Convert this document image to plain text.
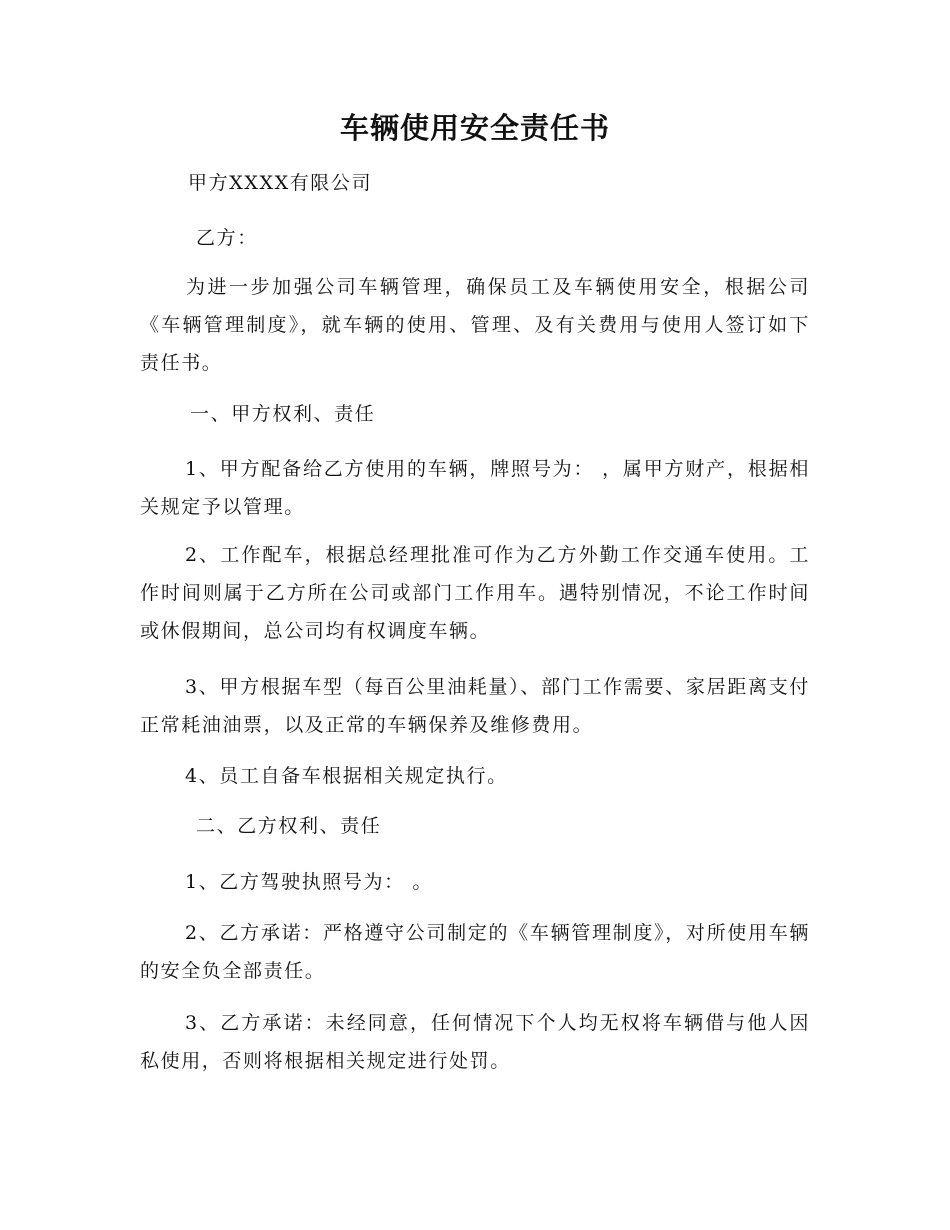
车辆使用安全责任书
甲方XXXX有限公司
乙方：

为进一步加强公司车辆管理，确保员工及车辆使用安全，根据公司《车辆管理制度》，就车辆的使用、管理、及有关费用与使用人签订如下责任书。

一、甲方权利、责任

1、甲方配备给乙方使用的车辆，牌照号为： ，属甲方财产，根据相关规定予以管理。

2、工作配车，根据总经理批准可作为乙方外勤工作交通车使用。工作时间则属于乙方所在公司或部门工作用车。遇特别情况，不论工作时间或休假期间，总公司均有权调度车辆。

3、甲方根据车型（每百公里油耗量）、部门工作需要、家居距离支付正常耗油油票，以及正常的车辆保养及维修费用。

4、员工自备车根据相关规定执行。

二、乙方权利、责任

1、乙方驾驶执照号为： 。

2、乙方承诺：严格遵守公司制定的《车辆管理制度》，对所使用车辆的安全负全部责任。

3、乙方承诺：未经同意，任何情况下个人均无权将车辆借与他人因私使用，否则将根据相关规定进行处罚。
